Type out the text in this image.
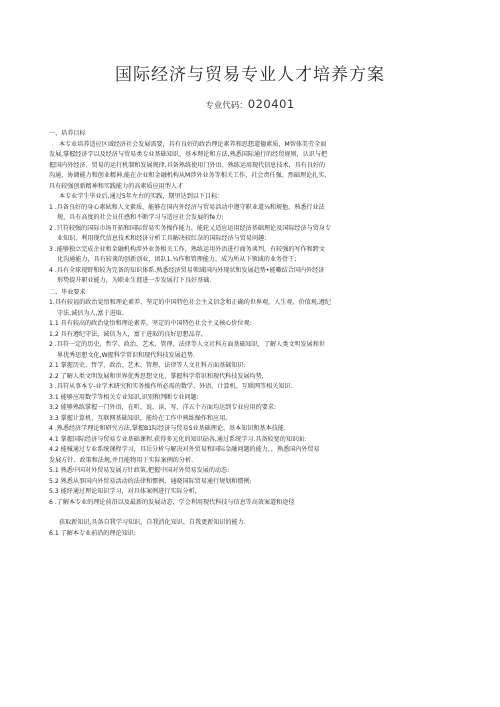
国际经济与贸易专业人才培养方案
专业代码：020401
一、培养目标
本专业培养适应区域经济社会发展需要，具有良好的政治理论素养和思想道德素质，M智体美劳全面
发展,掌握经济学以及经济与贸易类专业基础知识、基本理论和方法,熟悉国际通行的经贸规则，认识与把
握国内外经济、贸易的运行机制和发展规律,具备熟练使用门外语、熟练运用现代信息技术，具有良好的
沟通、协调能力和创业精神,能在企业和金融机构从M涉外业务等相关工作，社会责任强、然础理论扎实、
具有较强创新精神和实践能力的高素质应用型人才
本专业学生毕业后,通过5年左右的实践，期里达到以下目标：
1 .具备良好的身心素轼和人文素质，能够在国内外经济与贸易活动中遵守职业道⅛和规他，熟悉行业法
规，具有高度的社会员任感和不断学习与适应社会发展的fe力:
2 .只符较强的国际市场开拓和国际贸易实务操作能力，能轮乂适应运用经济基础理论及国际经济与贸身专
业知识、利用现代信息技术和经济分析工具解决较红杂的国际经济与贸易问趣:
3 .能够独立完成企业和金融机构涉外业务相关工作，熟练运用外语进行商务谈判，有较强的写作和跨文
化沟通能力，具有较谈的创新创业、团队1.¾作和管理能力，成为所从下领域的业务骨干;
4 .具有全球视野和较为完备的知识体系.熟悉经济贸易领域国内外现状和发展趋势•能嗽结合国内外经济
形势提升职业能力，为职业生涯进一步发展打下良好基础.
二、毕业要求
1.具有较福的政治觉悟和理论素养、坚定的中国特色社会主义信念和正确的世界观、人生观、价值观,遵纪
守法,诚信为人,富于进取.
1.1 具有较高的政治觉悟和理论素养，坚定的中国特色社会主义核心价位观:
1.2 具有遵纪守法，诚信为人，富于进取的良好思想品存,
2 .具符一定的历史、哲学、政治、艺术、管理、法律等人文社科方面基础知识，了解人类文明发展和世
界优秀思想文化,W握科学常识和现代科技发展趋势.
2.1 掌握历史、哲学、政治、艺术、管理、法律等人文社科方面基础知识:
2.2 了解人类文明发展和世界优秀思想文化，掌握科学常识和现代科技发展均势,
3 .具符从事本专-业学术研究和实务操作所必需的数学、外语、计算机、互联网等相关知识.
3.1 能够应用数学等相关专业知识,识别和判断专业问题:
3.2 能够熟练掌握一门外语，在听、说、读、写、洋五个方面均达到专业应用的要求:
3.3 掌握计算机、互联网基础知识，能纷在工作中熟练操作和应用,
4 .熟悉经济学理论和研究方法,掌握B1际经济与贸易S业基础理论、基本知识和基本技能.
4.1 掌握国际经济与贸易专业基础课程,获得多元化的知识砧各,通过系统学习.具备较宽的知识面:
4.2 能械通过专业系统课程学习，具岳分析与解决对外贸易和国际金融问题的能力，，熟悉国内外贸易
发展方针、政策和法规,并且能物用于实际案例的分析.
5.1 熟悉中国对外贸易发展方针政策,把握中国对外贸易发展的动态:
5.2 熟悉从事国内外贸易活动的法律和惯例，通晓国际贸易通行规划和惯例:
5.3 能纾通过理论知识学习，对具体案例进行实际分析,
6 .了解本专业的理论前沿以及最新的发展动态，学会利用现代科技与信息等高效案道和途径
获取新知识,具备自我学习知识、自我消化知识、自我更新知识的能力.
6.1 了解本专业前沿的理论知识:
